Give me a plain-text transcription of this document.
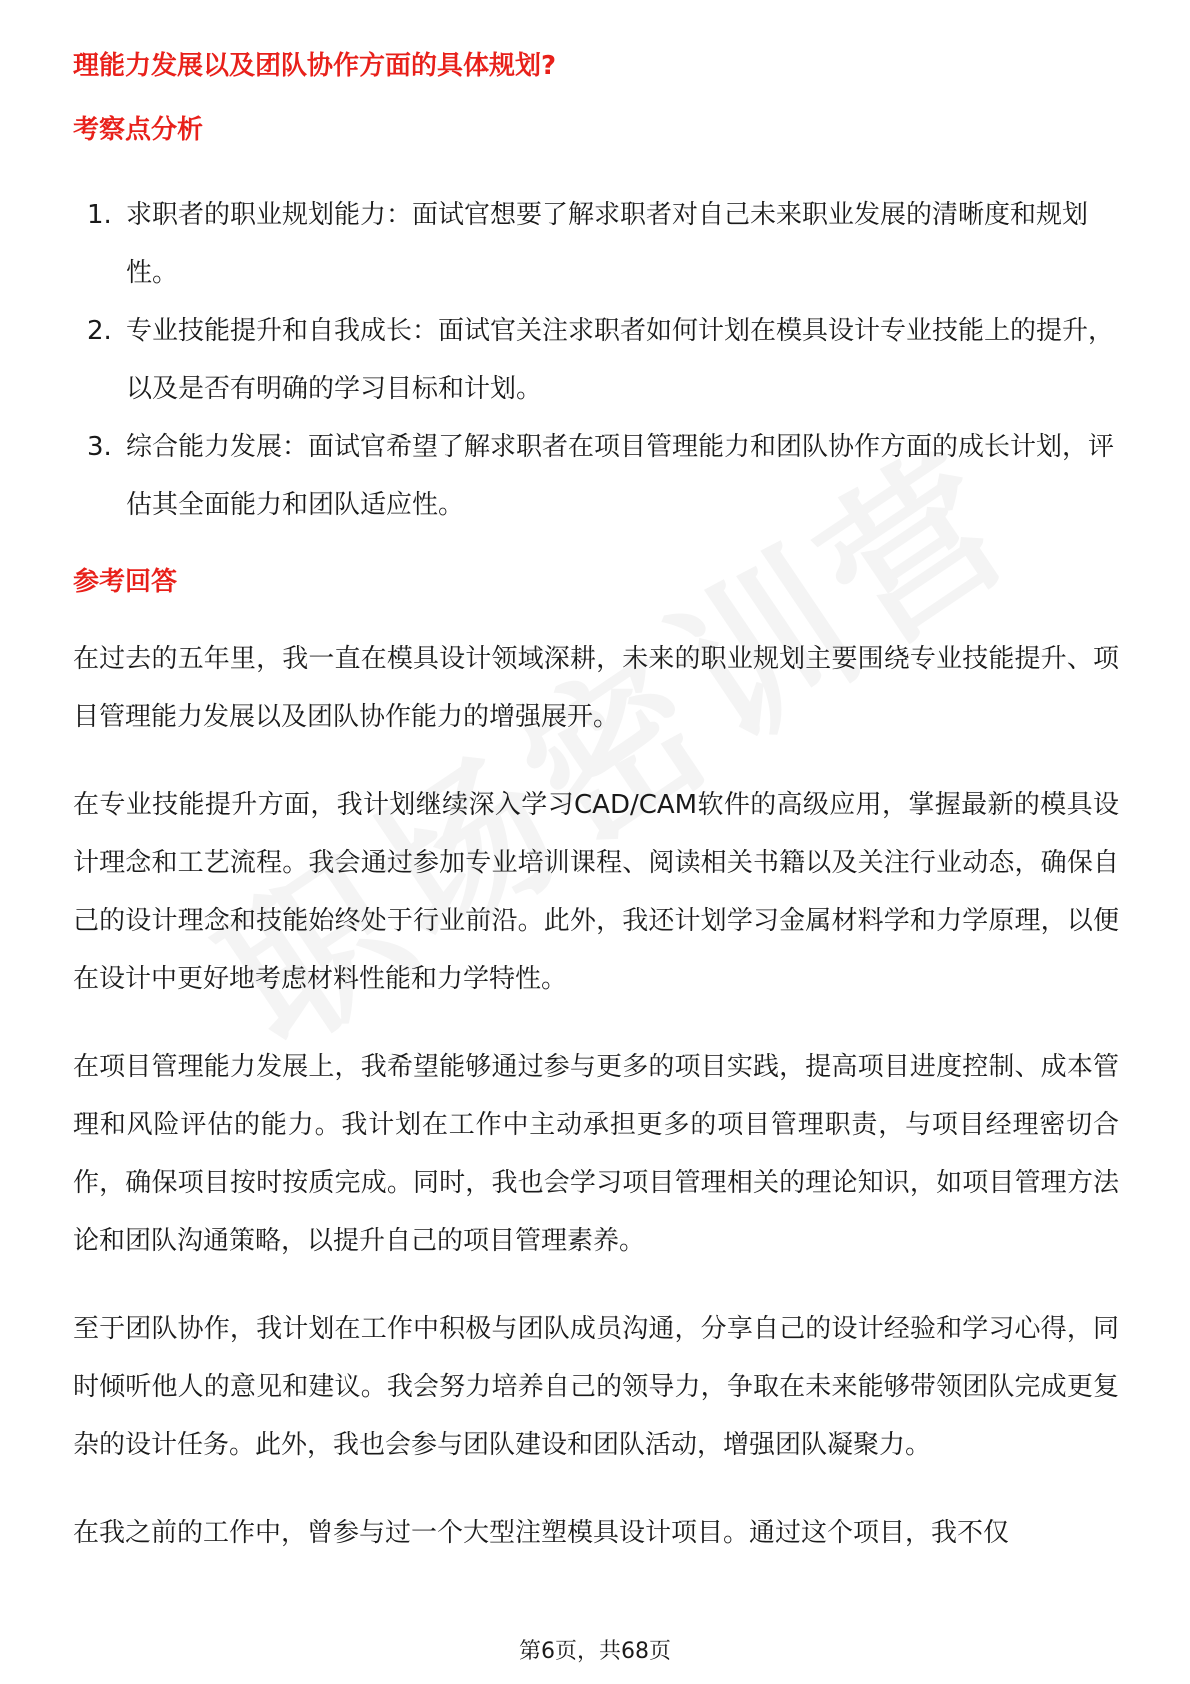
理能力发展以及团队协作方面的具体规划?
考察点分析
1. 求职者的职业规划能力：面试官想要了解求职者对自己未来职业发展的清晰度和规划性。
2. 专业技能提升和自我成长：面试官关注求职者如何计划在模具设计专业技能上的提升，以及是否有明确的学习目标和计划。
3. 综合能力发展：面试官希望了解求职者在项目管理能力和团队协作方面的成长计划，评估其全面能力和团队适应性。
参考回答

在过去的五年里，我一直在模具设计领域深耕，未来的职业规划主要围绕专业技能提升、项目管理能力发展以及团队协作能力的增强展开。

在专业技能提升方面，我计划继续深入学习CAD/CAM软件的高级应用，掌握最新的模具设计理念和工艺流程。我会通过参加专业培训课程、阅读相关书籍以及关注行业动态，确保自己的设计理念和技能始终处于行业前沿。此外，我还计划学习金属材料学和力学原理，以便在设计中更好地考虑材料性能和力学特性。

在项目管理能力发展上，我希望能够通过参与更多的项目实践，提高项目进度控制、成本管理和风险评估的能力。我计划在工作中主动承担更多的项目管理职责，与项目经理密切合作，确保项目按时按质完成。同时，我也会学习项目管理相关的理论知识，如项目管理方法论和团队沟通策略，以提升自己的项目管理素养。

至于团队协作，我计划在工作中积极与团队成员沟通，分享自己的设计经验和学习心得，同时倾听他人的意见和建议。我会努力培养自己的领导力，争取在未来能够带领团队完成更复杂的设计任务。此外，我也会参与团队建设和团队活动，增强团队凝聚力。

在我之前的工作中，曾参与过一个大型注塑模具设计项目。通过这个项目，我不仅

第6页，共68页
